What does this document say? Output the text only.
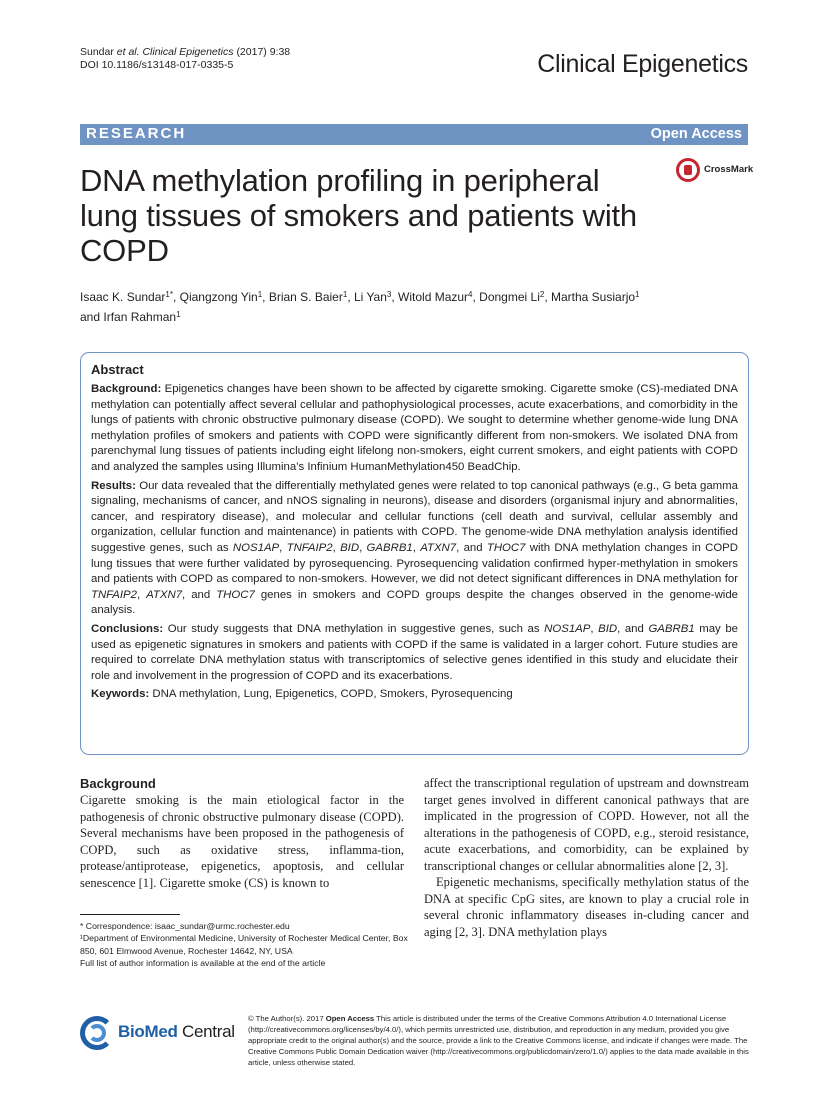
Sundar et al. Clinical Epigenetics (2017) 9:38
DOI 10.1186/s13148-017-0335-5	Clinical Epigenetics
RESEARCH	Open Access
DNA methylation profiling in peripheral lung tissues of smokers and patients with COPD
CrossMark
Isaac K. Sundar$^{1*}$, Qiangzong Yin$^1$, Brian S. Baier$^1$, Li Yan$^3$, Witold Mazur$^4$, Dongmei Li$^2$, Martha Susiarjo$^1$
and Irfan Rahman$^1$
Abstract

Background: Epigenetics changes have been shown to be affected by cigarette smoking. Cigarette smoke (CS)-mediated DNA methylation can potentially affect several cellular and pathophysiological processes, acute exacerbations, and comorbidity in the lungs of patients with chronic obstructive pulmonary disease (COPD). We sought to determine whether genome-wide lung DNA methylation profiles of smokers and patients with COPD were significantly different from non-smokers. We isolated DNA from parenchymal lung tissues of patients including eight lifelong non-smokers, eight current smokers, and eight patients with COPD and analyzed the samples using Illumina’s Infinium HumanMethylation450 BeadChip.

Results: Our data revealed that the differentially methylated genes were related to top canonical pathways (e.g., G beta gamma signaling, mechanisms of cancer, and nNOS signaling in neurons), disease and disorders (organismal injury and abnormalities, cancer, and respiratory disease), and molecular and cellular functions (cell death and survival, cellular assembly and organization, cellular function and maintenance) in patients with COPD. The genome-wide DNA methylation analysis identified suggestive genes, such as NOS1AP, TNFAIP2, BID, GABRB1, ATXN7, and THOC7 with DNA methylation changes in COPD lung tissues that were further validated by pyrosequencing. Pyrosequencing validation confirmed hyper-methylation in smokers and patients with COPD as compared to non-smokers. However, we did not detect significant differences in DNA methylation for TNFAIP2, ATXN7, and THOC7 genes in smokers and COPD groups despite the changes observed in the genome-wide analysis.

Conclusions: Our study suggests that DNA methylation in suggestive genes, such as NOS1AP, BID, and GABRB1 may be used as epigenetic signatures in smokers and patients with COPD if the same is validated in a larger cohort. Future studies are required to correlate DNA methylation status with transcriptomics of selective genes identified in this study and elucidate their role and involvement in the progression of COPD and its exacerbations.

Keywords: DNA methylation, Lung, Epigenetics, COPD, Smokers, Pyrosequencing

Background

Cigarette smoking is the main etiological factor in the pathogenesis of chronic obstructive pulmonary disease (COPD). Several mechanisms have been proposed in the pathogenesis of COPD, such as oxidative stress, inflamma-tion, protease/antiprotease, epigenetics, apoptosis, and cellular senescence [1]. Cigarette smoke (CS) is known to

affect the transcriptional regulation of upstream and downstream target genes involved in different canonical pathways that are implicated in the progression of COPD. However, not all the alterations in the pathogenesis of COPD, e.g., steroid resistance, acute exacerbations, and comorbidity, can be explained by transcriptional changes or cellular abnormalities alone [2, 3].

Epigenetic mechanisms, specifically methylation status of the DNA at specific CpG sites, are known to play a crucial role in several chronic inflammatory diseases in-cluding cancer and aging [2, 3]. DNA methylation plays

* Correspondence: isaac_sundar@urmc.rochester.edu
¹Department of Environmental Medicine, University of Rochester Medical Center, Box 850, 601 Elmwood Avenue, Rochester 14642, NY, USA
Full list of author information is available at the end of the article
BioMed Central
© The Author(s). 2017 Open Access This article is distributed under the terms of the Creative Commons Attribution 4.0 International License (http://creativecommons.org/licenses/by/4.0/), which permits unrestricted use, distribution, and reproduction in any medium, provided you give appropriate credit to the original author(s) and the source, provide a link to the Creative Commons license, and indicate if changes were made. The Creative Commons Public Domain Dedication waiver (http://creativecommons.org/publicdomain/zero/1.0/) applies to the data made available in this article, unless otherwise stated.
